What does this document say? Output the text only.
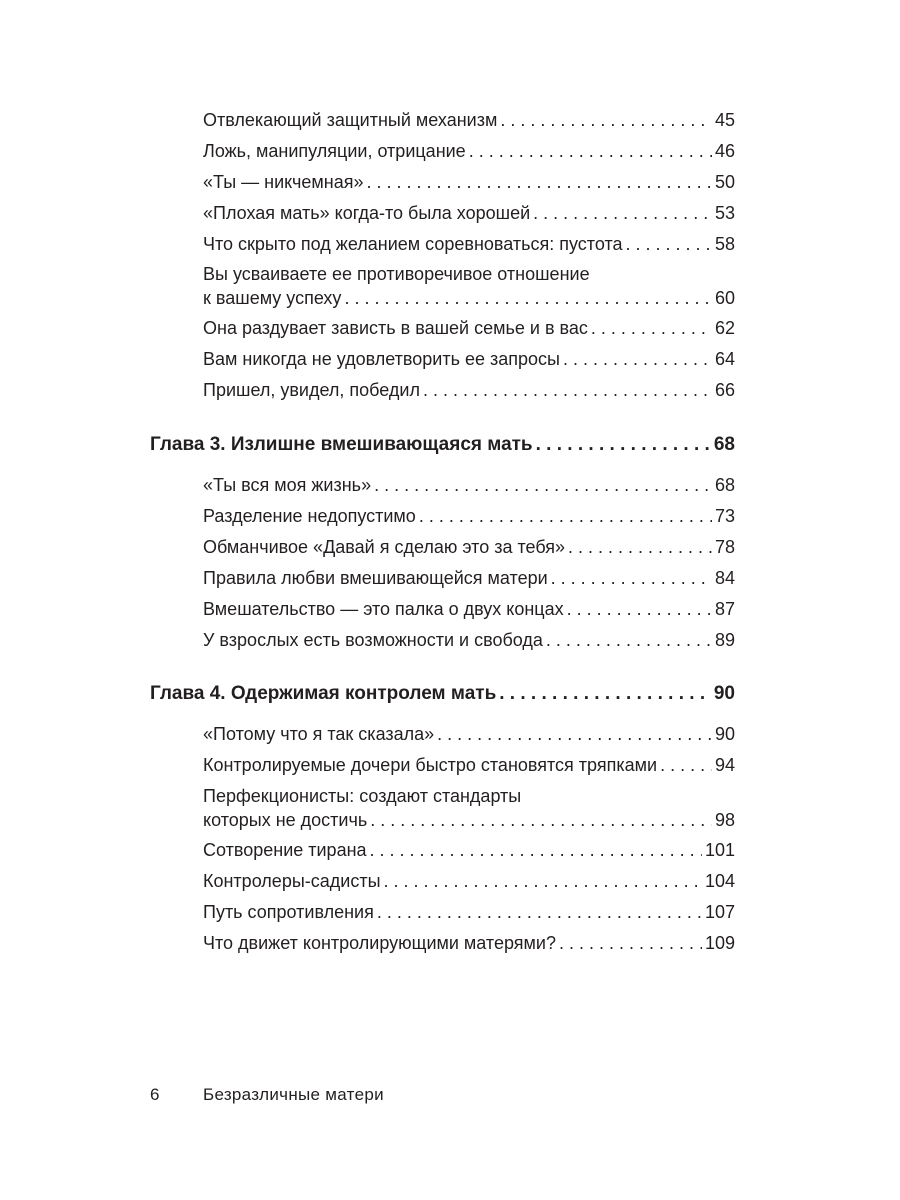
Отвлекающий защитный механизм . . .	45
Ложь, манипуляции, отрицание . . .	46
«Ты — никчемная» . . .	50
«Плохая мать» когда-то была хорошей . . .	53
Что скрыто под желанием соревноваться: пустота . . .	58
Вы усваиваете ее противоречивое отношение
к вашему успеху . . .	60
Она раздувает зависть в вашей семье и в вас . . .	62
Вам никогда не удовлетворить ее запросы . . .	64
Пришел, увидел, победил . . .	66
Глава 3. Излишне вмешивающаяся мать . . .	68
«Ты вся моя жизнь» . . .	68
Разделение недопустимо . . .	73
Обманчивое «Давай я сделаю это за тебя» . . .	78
Правила любви вмешивающейся матери . . .	84
Вмешательство — это палка о двух концах . . .	87
У взрослых есть возможности и свобода . . .	89
Глава 4. Одержимая контролем мать . . .	90
«Потому что я так сказала» . . .	90
Контролируемые дочери быстро становятся тряпками . . .	94
Перфекционисты: создают стандарты
которых не достичь . . .	98
Сотворение тирана . . .	101
Контролеры-садисты . . .	104
Путь сопротивления . . .	107
Что движет контролирующими матерями? . . .	109
6	Безразличные матери
